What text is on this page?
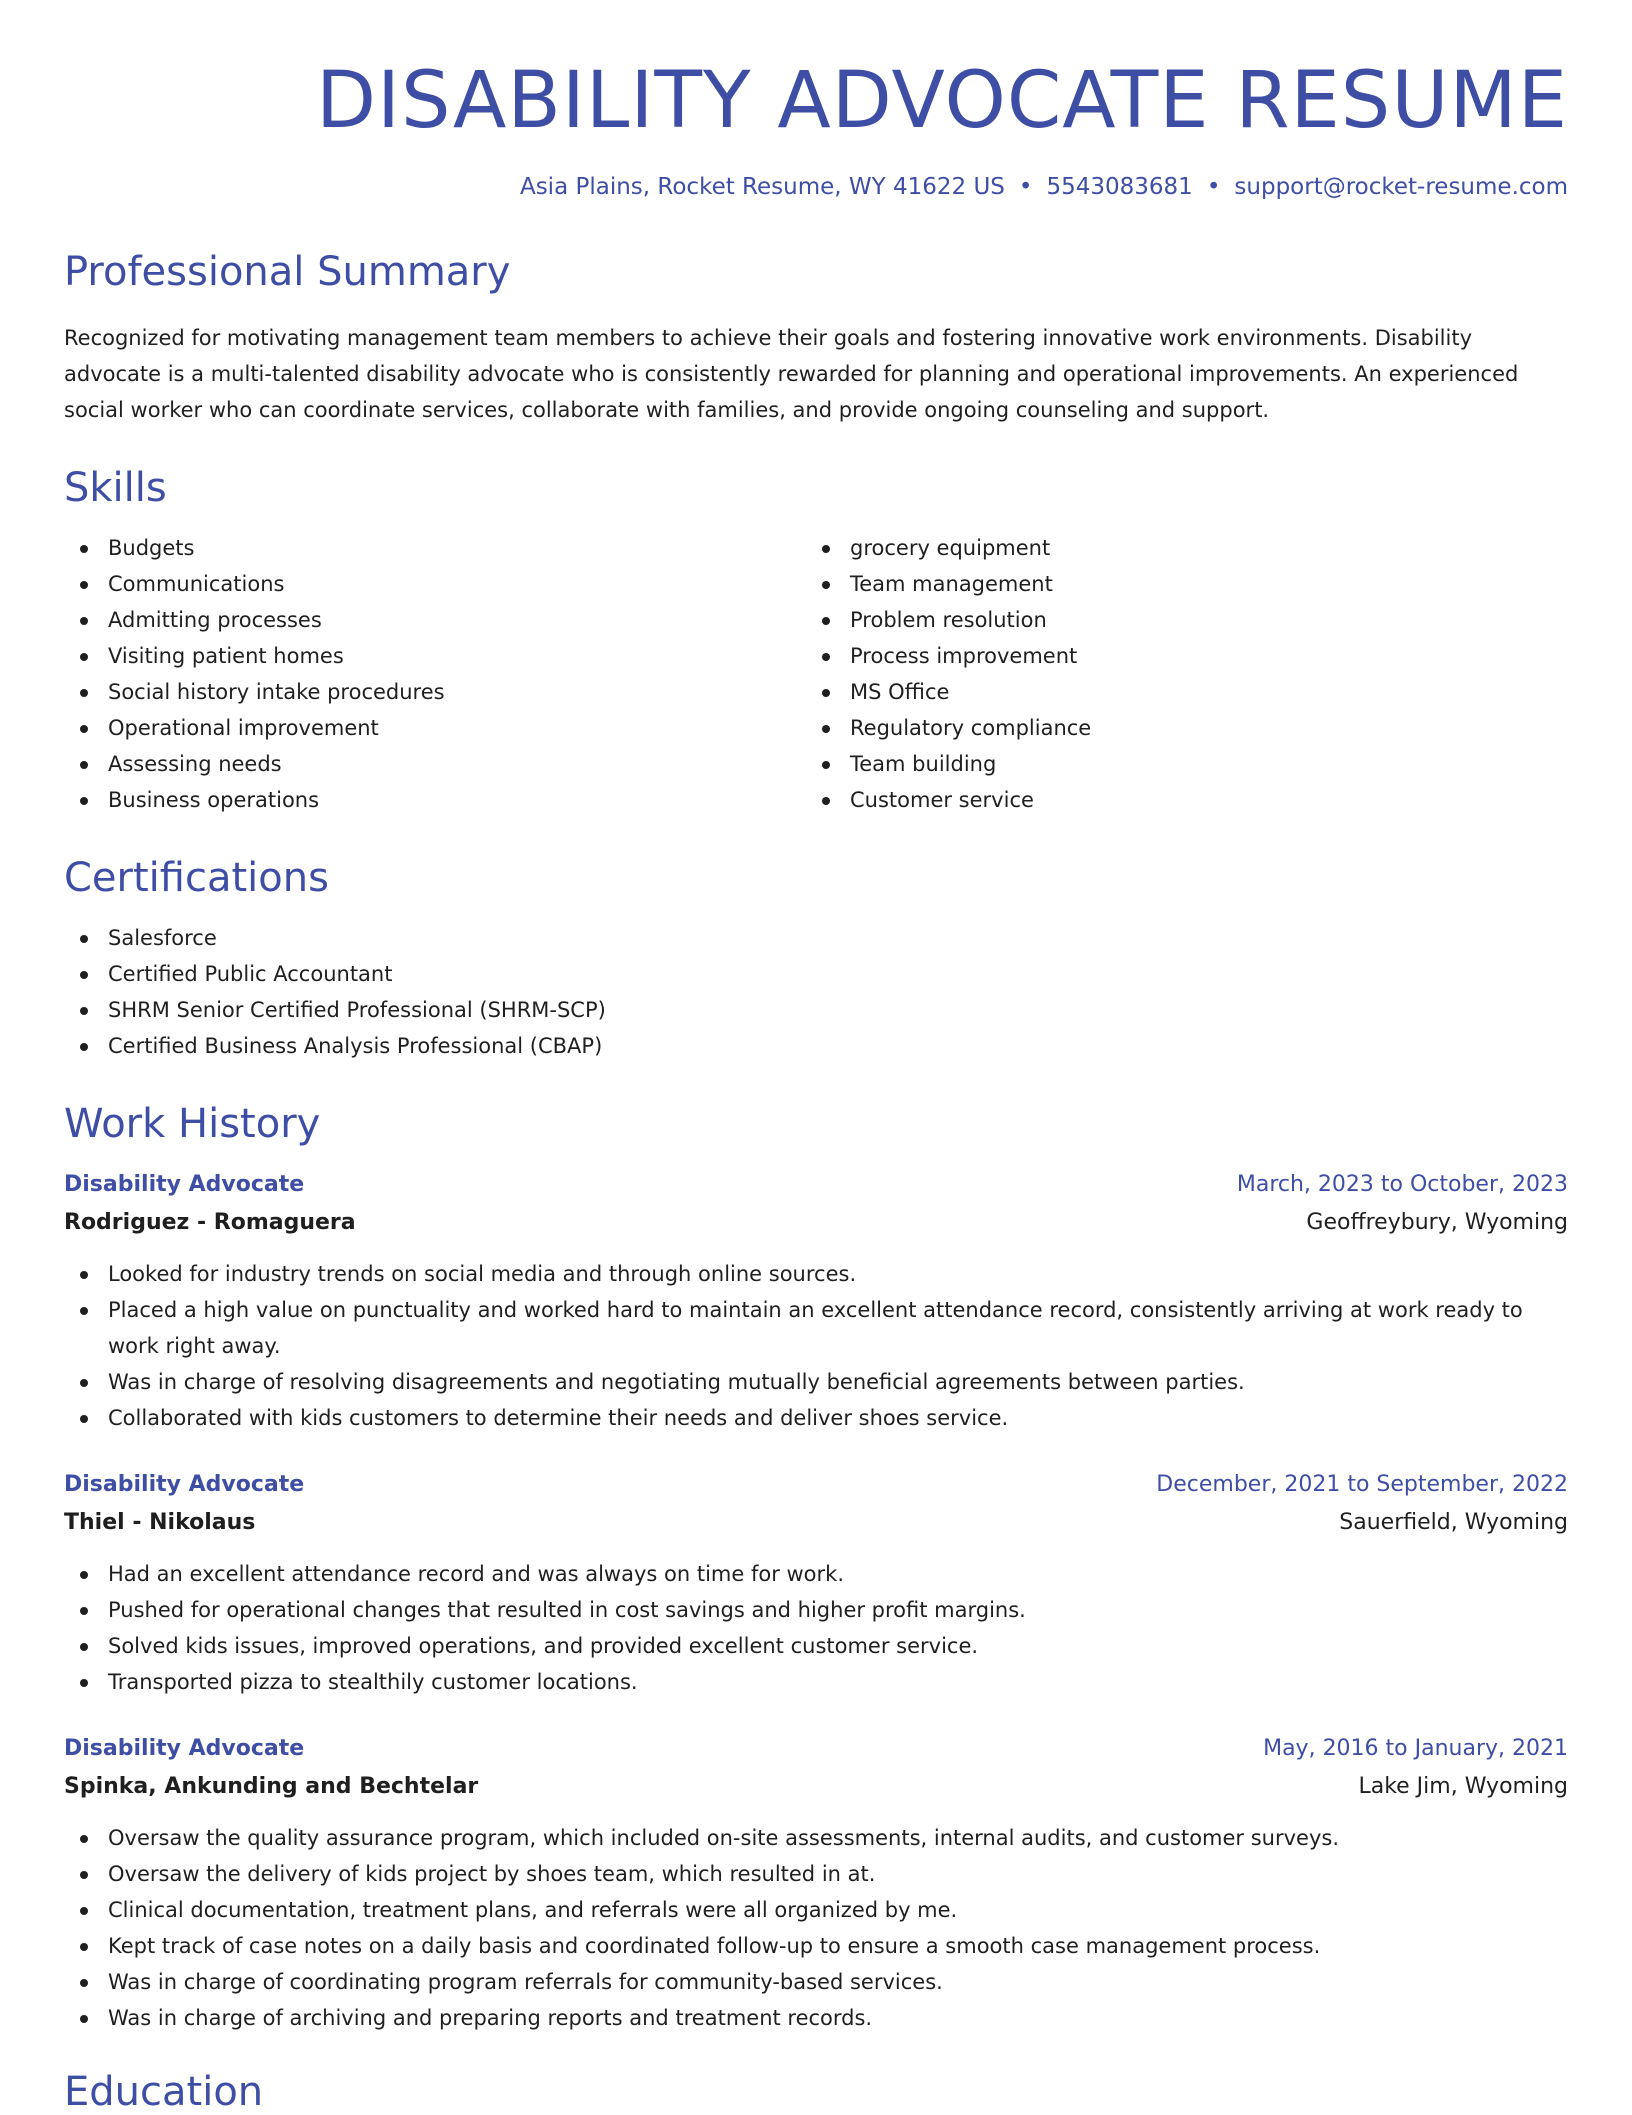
DISABILITY ADVOCATE RESUME
Asia Plains, Rocket Resume, WY 41622 US • 5543083681 • support@rocket-resume.com
Professional Summary
Recognized for motivating management team members to achieve their goals and fostering innovative work environments. Disability advocate is a multi-talented disability advocate who is consistently rewarded for planning and operational improvements. An experienced social worker who can coordinate services, collaborate with families, and provide ongoing counseling and support.
Skills
Budgets
Communications
Admitting processes
Visiting patient homes
Social history intake procedures
Operational improvement
Assessing needs
Business operations
grocery equipment
Team management
Problem resolution
Process improvement
MS Office
Regulatory compliance
Team building
Customer service
Certifications
Salesforce
Certified Public Accountant
SHRM Senior Certified Professional (SHRM-SCP)
Certified Business Analysis Professional (CBAP)
Work History
Disability Advocate	March, 2023 to October, 2023
Rodriguez - Romaguera	Geoffreybury, Wyoming
Looked for industry trends on social media and through online sources.
Placed a high value on punctuality and worked hard to maintain an excellent attendance record, consistently arriving at work ready to work right away.
Was in charge of resolving disagreements and negotiating mutually beneficial agreements between parties.
Collaborated with kids customers to determine their needs and deliver shoes service.
Disability Advocate	December, 2021 to September, 2022
Thiel - Nikolaus	Sauerfield, Wyoming
Had an excellent attendance record and was always on time for work.
Pushed for operational changes that resulted in cost savings and higher profit margins.
Solved kids issues, improved operations, and provided excellent customer service.
Transported pizza to stealthily customer locations.
Disability Advocate	May, 2016 to January, 2021
Spinka, Ankunding and Bechtelar	Lake Jim, Wyoming
Oversaw the quality assurance program, which included on-site assessments, internal audits, and customer surveys.
Oversaw the delivery of kids project by shoes team, which resulted in at.
Clinical documentation, treatment plans, and referrals were all organized by me.
Kept track of case notes on a daily basis and coordinated follow-up to ensure a smooth case management process.
Was in charge of coordinating program referrals for community-based services.
Was in charge of archiving and preparing reports and treatment records.
Education
